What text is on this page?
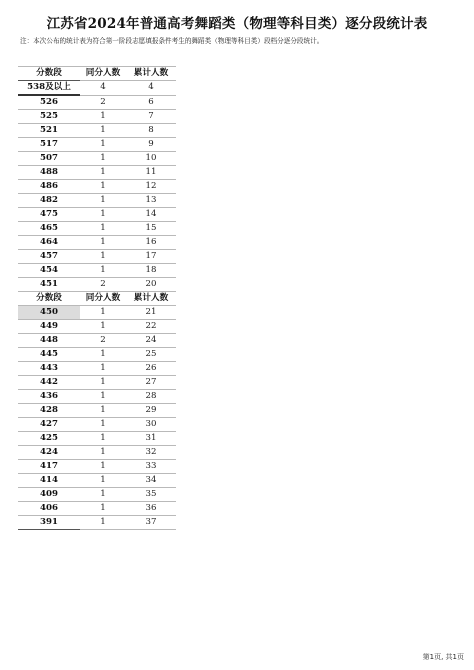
江苏省2024年普通高考舞蹈类（物理等科目类）逐分段统计表
注：本次公布的统计表为符合第一阶段志愿填报条件考生的舞蹈类（物理等科目类）段档分逐分段统计。
分数段	同分人数	累计人数
538及以上	4	4
526	2	6
525	1	7
521	1	8
517	1	9
507	1	10
488	1	11
486	1	12
482	1	13
475	1	14
465	1	15
464	1	16
457	1	17
454	1	18
451	2	20
分数段	同分人数	累计人数
450	1	21
449	1	22
448	2	24
445	1	25
443	1	26
442	1	27
436	1	28
428	1	29
427	1	30
425	1	31
424	1	32
417	1	33
414	1	34
409	1	35
406	1	36
391	1	37
第1页, 共1页
